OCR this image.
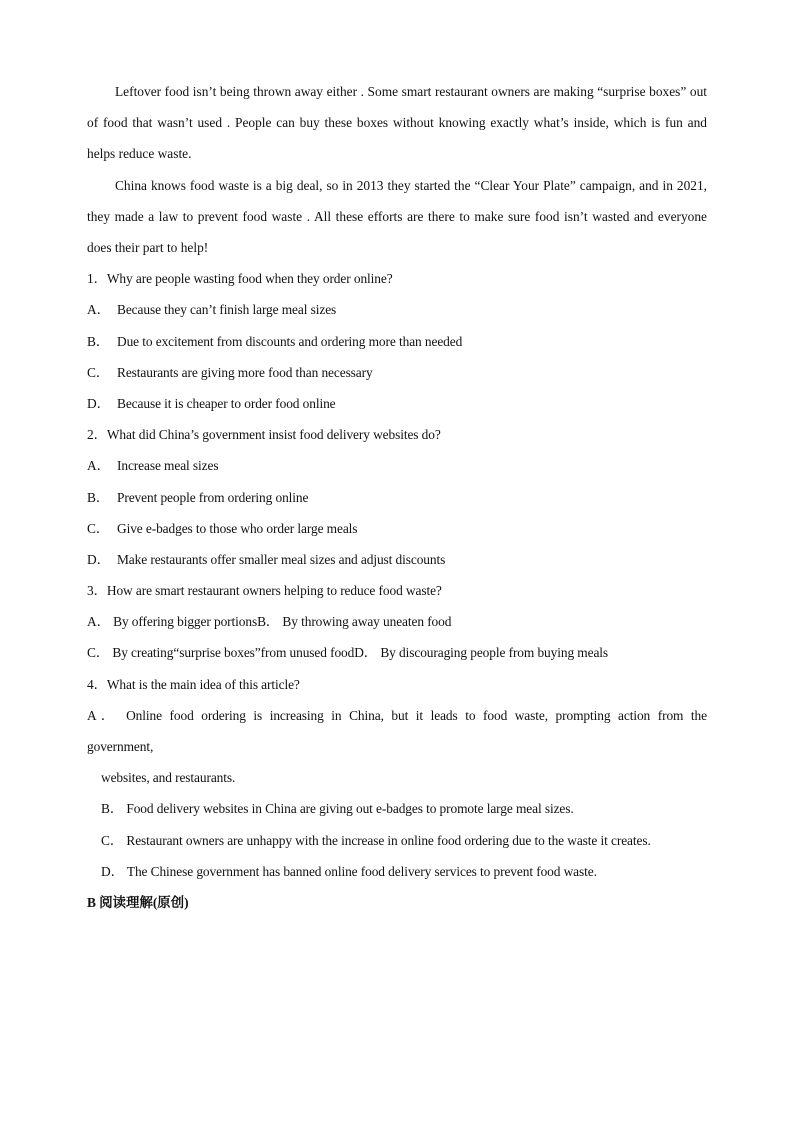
Leftover food isn’t being thrown away either . Some smart restaurant owners are making “surprise boxes” out of food that wasn’t used . People can buy these boxes without knowing exactly what’s inside, which is fun and helps reduce waste.
China knows food waste is a big deal, so in 2013 they started the “Clear Your Plate” campaign, and in 2021, they made a law to prevent food waste . All these efforts are there to make sure food isn’t wasted and everyone does their part to help!
1．Why are people wasting food when they order online?
A． Because they can’t finish large meal sizes
B． Due to excitement from discounts and ordering more than needed
C． Restaurants are giving more food than necessary
D． Because it is cheaper to order food online
2．What did China’s government insist food delivery websites do?
A． Increase meal sizes
B． Prevent people from ordering online
C． Give e-badges to those who order large meals
D． Make restaurants offer smaller meal sizes and adjust discounts
3．How are smart restaurant owners helping to reduce food waste?
A． By offering bigger portionsB． By throwing away uneaten food
C． By creating“surprise boxes”from unused foodD． By discouraging people from buying meals
4．What is the main idea of this article?
A． Online food ordering is increasing in China, but it leads to food waste, prompting action from the
government,
websites, and restaurants.
B． Food delivery websites in China are giving out e-badges to promote large meal sizes.
C． Restaurant owners are unhappy with the increase in online food ordering due to the waste it creates.
D． The Chinese government has banned online food delivery services to prevent food waste.
B 阅读理解(原创)
